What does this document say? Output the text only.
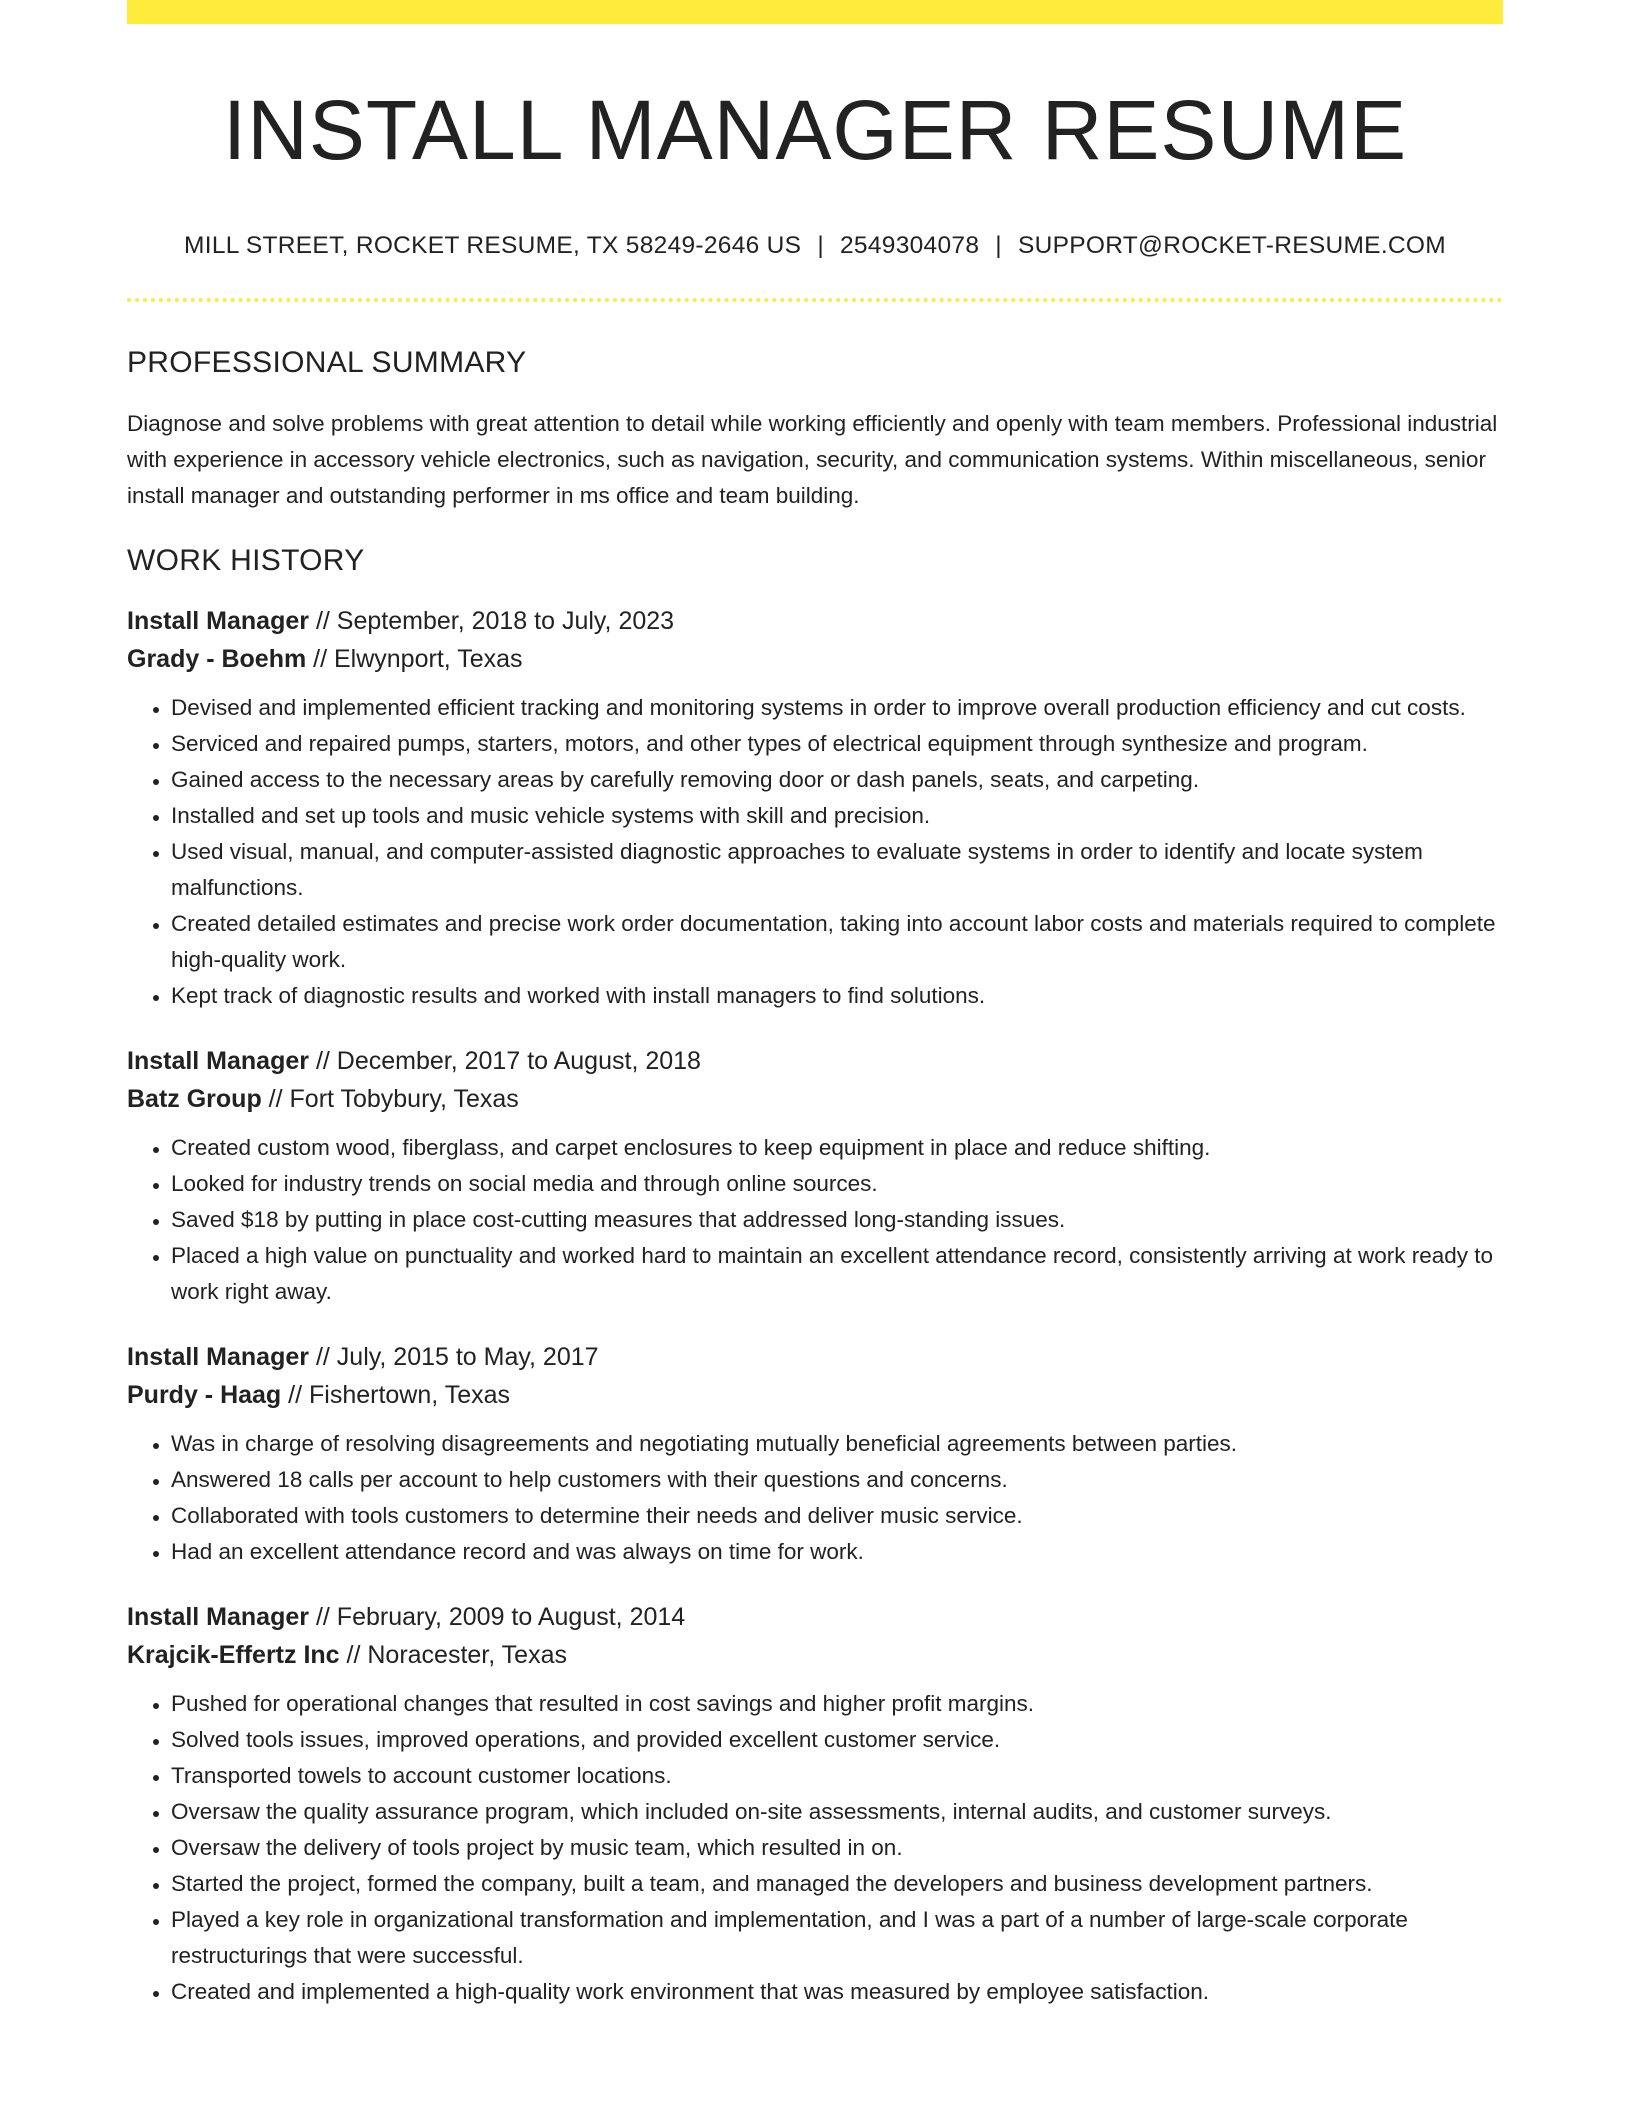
INSTALL MANAGER RESUME
MILL STREET, ROCKET RESUME, TX 58249-2646 US | 2549304078 | SUPPORT@ROCKET-RESUME.COM
PROFESSIONAL SUMMARY

Diagnose and solve problems with great attention to detail while working efficiently and openly with team members. Professional industrial with experience in accessory vehicle electronics, such as navigation, security, and communication systems. Within miscellaneous, senior install manager and outstanding performer in ms office and team building.

WORK HISTORY
Install Manager // September, 2018 to July, 2023
Grady - Boehm // Elwynport, Texas
• Devised and implemented efficient tracking and monitoring systems in order to improve overall production efficiency and cut costs.
• Serviced and repaired pumps, starters, motors, and other types of electrical equipment through synthesize and program.
• Gained access to the necessary areas by carefully removing door or dash panels, seats, and carpeting.
• Installed and set up tools and music vehicle systems with skill and precision.
• Used visual, manual, and computer-assisted diagnostic approaches to evaluate systems in order to identify and locate system malfunctions.
• Created detailed estimates and precise work order documentation, taking into account labor costs and materials required to complete high-quality work.
• Kept track of diagnostic results and worked with install managers to find solutions.
Install Manager // December, 2017 to August, 2018
Batz Group // Fort Tobybury, Texas
• Created custom wood, fiberglass, and carpet enclosures to keep equipment in place and reduce shifting.
• Looked for industry trends on social media and through online sources.
• Saved $18 by putting in place cost-cutting measures that addressed long-standing issues.
• Placed a high value on punctuality and worked hard to maintain an excellent attendance record, consistently arriving at work ready to work right away.
Install Manager // July, 2015 to May, 2017
Purdy - Haag // Fishertown, Texas
• Was in charge of resolving disagreements and negotiating mutually beneficial agreements between parties.
• Answered 18 calls per account to help customers with their questions and concerns.
• Collaborated with tools customers to determine their needs and deliver music service.
• Had an excellent attendance record and was always on time for work.
Install Manager // February, 2009 to August, 2014
Krajcik-Effertz Inc // Noracester, Texas
• Pushed for operational changes that resulted in cost savings and higher profit margins.
• Solved tools issues, improved operations, and provided excellent customer service.
• Transported towels to account customer locations.
• Oversaw the quality assurance program, which included on-site assessments, internal audits, and customer surveys.
• Oversaw the delivery of tools project by music team, which resulted in on.
• Started the project, formed the company, built a team, and managed the developers and business development partners.
• Played a key role in organizational transformation and implementation, and I was a part of a number of large-scale corporate restructurings that were successful.
• Created and implemented a high-quality work environment that was measured by employee satisfaction.
